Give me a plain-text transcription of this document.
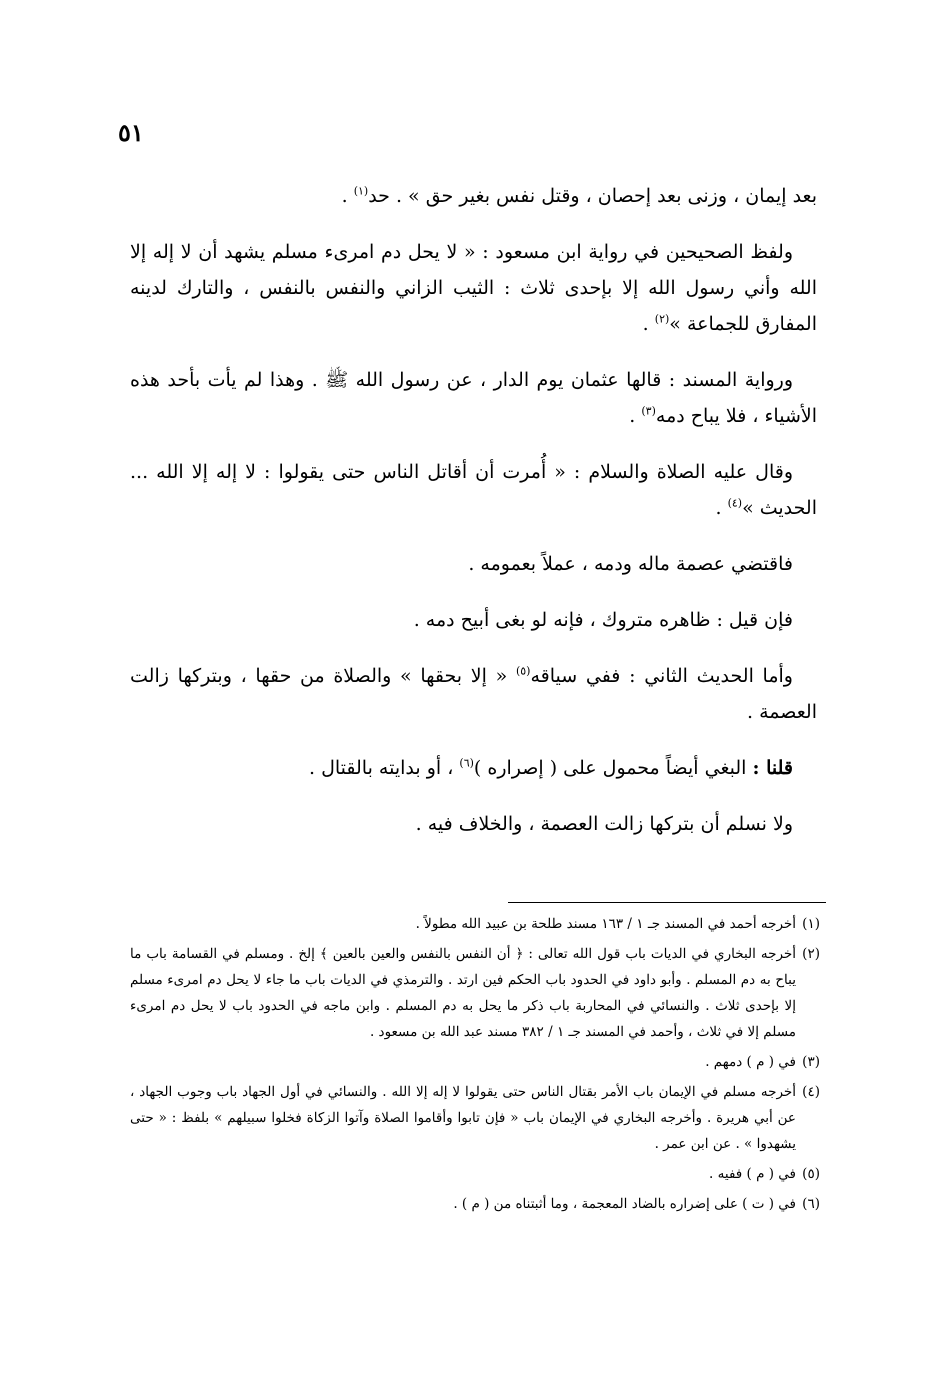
٥١

بعد إيمان ، وزنى بعد إحصان ، وقتل نفس بغير حق » . حد$^{(١)}$ .

ولفظ الصحيحين في رواية ابن مسعود : « لا يحل دم امرىء مسلم يشهد أن لا إله إلا الله وأني رسول الله إلا بإحدى ثلاث : الثيب الزاني والنفس بالنفس ، والتارك لدينه المفارق للجماعة »$^{(٢)}$ .

ورواية المسند : قالها عثمان يوم الدار ، عن رسول الله ﷺ . وهذا لم يأت بأحد هذه الأشياء ، فلا يباح دمه$^{(٣)}$ .

وقال عليه الصلاة والسلام : « أُمرت أن أقاتل الناس حتى يقولوا : لا إله إلا الله ... الحديث »$^{(٤)}$ .

فاقتضي عصمة ماله ودمه ، عملاً بعمومه .

فإن قيل : ظاهره متروك ، فإنه لو بغى أبيح دمه .

وأما الحديث الثاني : ففي سياقه$^{(٥)}$ « إلا بحقها » والصلاة من حقها ، وبتركها زالت العصمة .

قلنا : البغي أيضاً محمول على ( إصراره )$^{(٦)}$ ، أو بدايته بالقتال .

ولا نسلم أن بتركها زالت العصمة ، والخلاف فيه .

(١)أخرجه أحمد في المسند جـ ١ / ١٦٣ مسند طلحة بن عبيد الله مطولاً .

(٢)أخرجه البخاري في الديات باب قول الله تعالى : ﴿ أن النفس بالنفس والعين بالعين ﴾ إلخ . ومسلم في القسامة باب ما يباح به دم المسلم . وأبو داود في الحدود باب الحكم فين ارتد . والترمذي في الديات باب ما جاء لا يحل دم امرىء مسلم إلا بإحدى ثلاث . والنسائي في المحاربة باب ذكر ما يحل به دم المسلم . وابن ماجه في الحدود باب لا يحل دم امرىء مسلم إلا في ثلاث ، وأحمد في المسند جـ ١ / ٣٨٢ مسند عبد الله بن مسعود .

(٣)في ( م ) دمهم .

(٤)أخرجه مسلم في الإيمان باب الأمر بقتال الناس حتى يقولوا لا إله إلا الله . والنسائي في أول الجهاد باب وجوب الجهاد ، عن أبي هريرة . وأخرجه البخاري في الإيمان باب « فإن تابوا وأقاموا الصلاة وآتوا الزكاة فخلوا سبيلهم » بلفظ : « حتى يشهدوا » . عن ابن عمر .

(٥)في ( م ) ففيه .

(٦)في ( ت ) على إضراره بالضاد المعجمة ، وما أثبتناه من ( م ) .
